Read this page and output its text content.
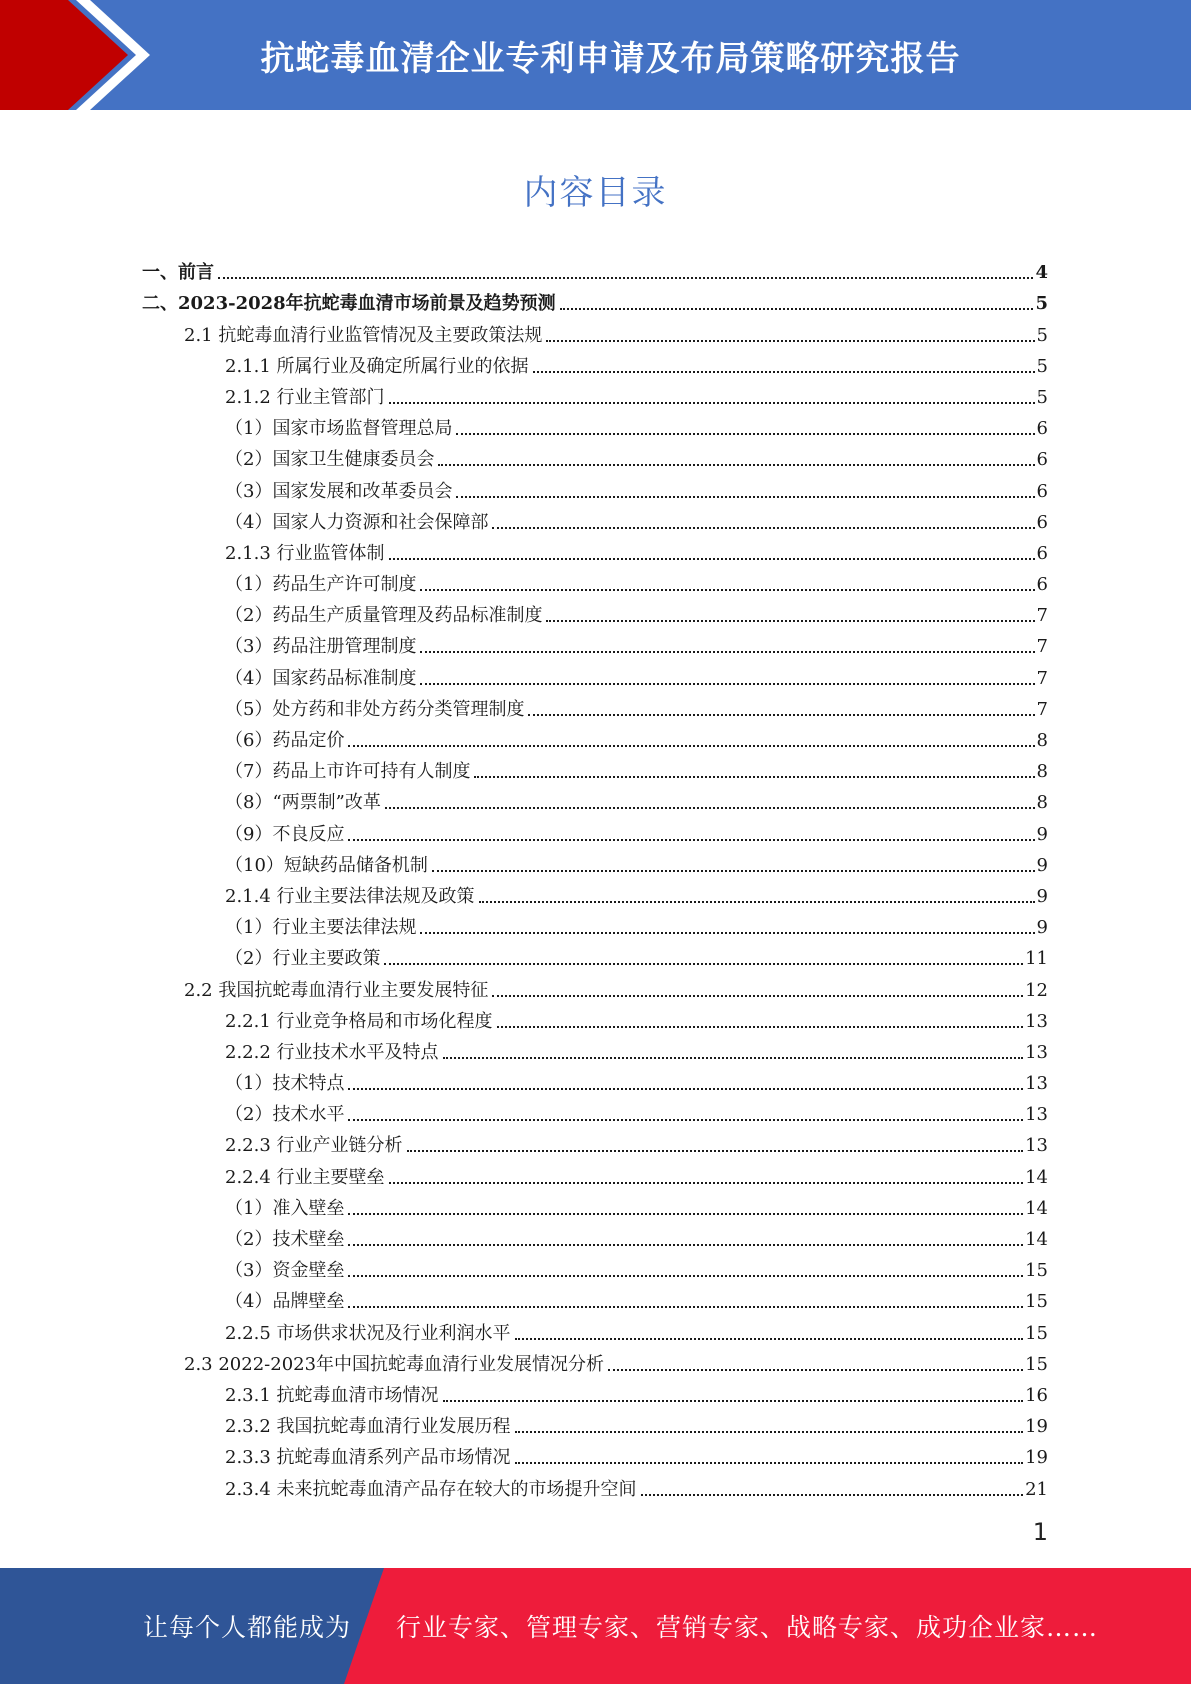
抗蛇毒血清企业专利申请及布局策略研究报告
内容目录
一、前言	4
二、2023-2028年抗蛇毒血清市场前景及趋势预测	5
2.1 抗蛇毒血清行业监管情况及主要政策法规	5
2.1.1 所属行业及确定所属行业的依据	5
2.1.2 行业主管部门	5
（1）国家市场监督管理总局	6
（2）国家卫生健康委员会	6
（3）国家发展和改革委员会	6
（4）国家人力资源和社会保障部	6
2.1.3 行业监管体制	6
（1）药品生产许可制度	6
（2）药品生产质量管理及药品标准制度	7
（3）药品注册管理制度	7
（4）国家药品标准制度	7
（5）处方药和非处方药分类管理制度	7
（6）药品定价	8
（7）药品上市许可持有人制度	8
（8）“两票制”改革	8
（9）不良反应	9
（10）短缺药品储备机制	9
2.1.4 行业主要法律法规及政策	9
（1）行业主要法律法规	9
（2）行业主要政策	11
2.2 我国抗蛇毒血清行业主要发展特征	12
2.2.1 行业竞争格局和市场化程度	13
2.2.2 行业技术水平及特点	13
（1）技术特点	13
（2）技术水平	13
2.2.3 行业产业链分析	13
2.2.4 行业主要壁垒	14
（1）准入壁垒	14
（2）技术壁垒	14
（3）资金壁垒	15
（4）品牌壁垒	15
2.2.5 市场供求状况及行业利润水平	15
2.3 2022-2023年中国抗蛇毒血清行业发展情况分析	15
2.3.1 抗蛇毒血清市场情况	16
2.3.2 我国抗蛇毒血清行业发展历程	19
2.3.3 抗蛇毒血清系列产品市场情况	19
2.3.4 未来抗蛇毒血清产品存在较大的市场提升空间	21
1
让每个人都能成为 行业专家、管理专家、营销专家、战略专家、成功企业家……
